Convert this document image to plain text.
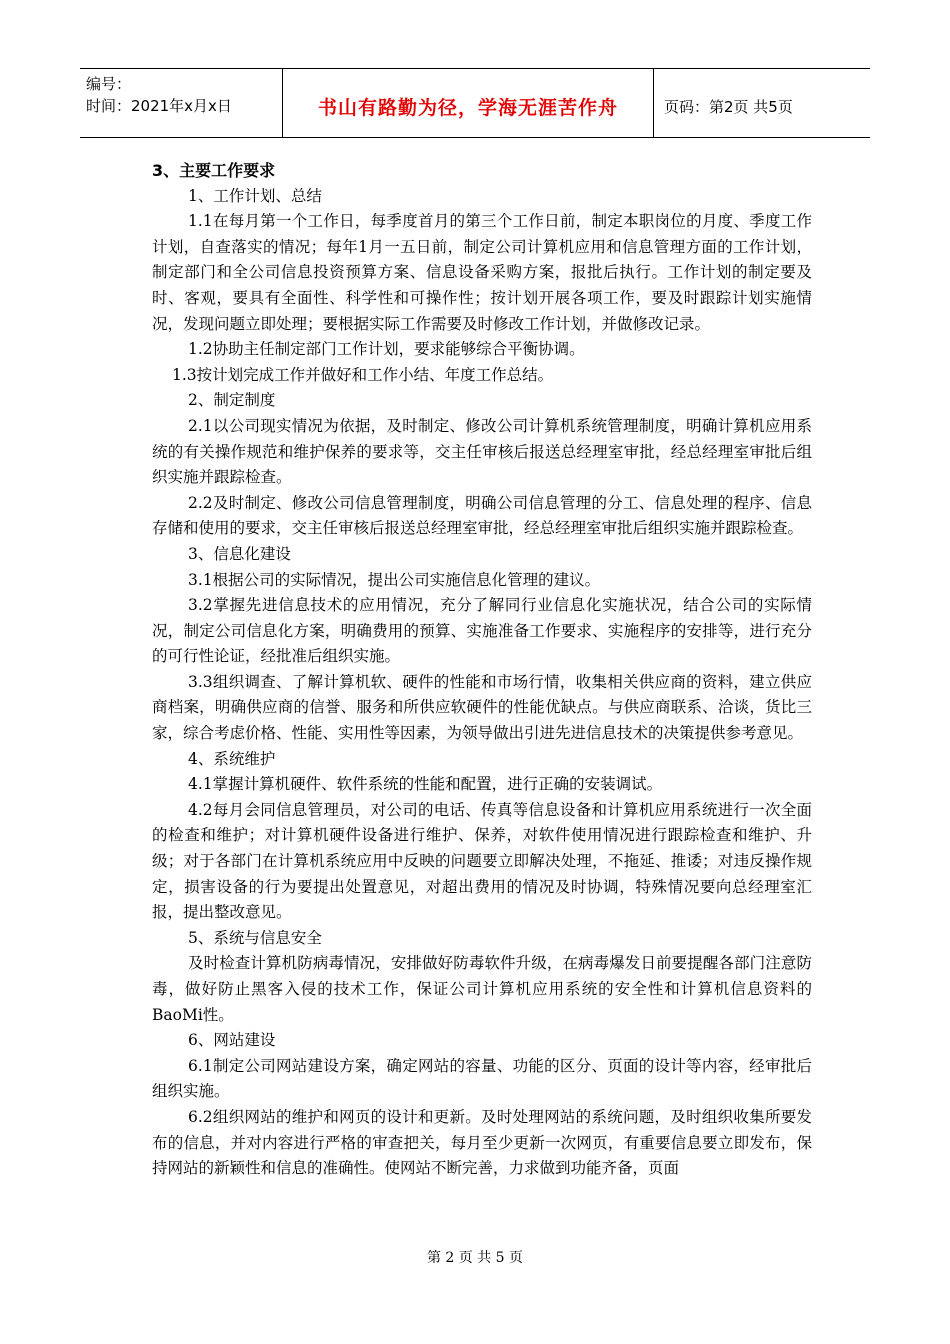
编号：
时间：2021年x月x日	书山有路勤为径，学海无涯苦作舟	页码：第2页 共5页

3、主要工作要求

1、工作计划、总结

1.1在每月第一个工作日，每季度首月的第三个工作日前，制定本职岗位的月度、季度工作计划，自查落实的情况；每年1月一五日前，制定公司计算机应用和信息管理方面的工作计划，制定部门和全公司信息投资预算方案、信息设备采购方案，报批后执行。工作计划的制定要及时、客观，要具有全面性、科学性和可操作性；按计划开展各项工作，要及时跟踪计划实施情况，发现问题立即处理；要根据实际工作需要及时修改工作计划，并做修改记录。

1.2协助主任制定部门工作计划，要求能够综合平衡协调。

1.3按计划完成工作并做好和工作小结、年度工作总结。

2、制定制度

2.1以公司现实情况为依据，及时制定、修改公司计算机系统管理制度，明确计算机应用系统的有关操作规范和维护保养的要求等，交主任审核后报送总经理室审批，经总经理室审批后组织实施并跟踪检查。

2.2及时制定、修改公司信息管理制度，明确公司信息管理的分工、信息处理的程序、信息存储和使用的要求，交主任审核后报送总经理室审批，经总经理室审批后组织实施并跟踪检查。

3、信息化建设

3.1根据公司的实际情况，提出公司实施信息化管理的建议。

3.2掌握先进信息技术的应用情况，充分了解同行业信息化实施状况，结合公司的实际情况，制定公司信息化方案，明确费用的预算、实施准备工作要求、实施程序的安排等，进行充分的可行性论证，经批准后组织实施。

3.3组织调查、了解计算机软、硬件的性能和市场行情，收集相关供应商的资料，建立供应商档案，明确供应商的信誉、服务和所供应软硬件的性能优缺点。与供应商联系、洽谈，货比三家，综合考虑价格、性能、实用性等因素，为领导做出引进先进信息技术的决策提供参考意见。

4、系统维护

4.1掌握计算机硬件、软件系统的性能和配置，进行正确的安装调试。

4.2每月会同信息管理员，对公司的电话、传真等信息设备和计算机应用系统进行一次全面的检查和维护；对计算机硬件设备进行维护、保养，对软件使用情况进行跟踪检查和维护、升级；对于各部门在计算机系统应用中反映的问题要立即解决处理，不拖延、推诿；对违反操作规定，损害设备的行为要提出处置意见，对超出费用的情况及时协调，特殊情况要向总经理室汇报，提出整改意见。

5、系统与信息安全

及时检查计算机防病毒情况，安排做好防毒软件升级，在病毒爆发日前要提醒各部门注意防毒，做好防止黑客入侵的技术工作，保证公司计算机应用系统的安全性和计算机信息资料的BaoMi性。

6、网站建设

6.1制定公司网站建设方案，确定网站的容量、功能的区分、页面的设计等内容，经审批后组织实施。

6.2组织网站的维护和网页的设计和更新。及时处理网站的系统问题，及时组织收集所要发布的信息，并对内容进行严格的审查把关，每月至少更新一次网页，有重要信息要立即发布，保持网站的新颖性和信息的准确性。使网站不断完善，力求做到功能齐备，页面

第 2 页 共 5 页
